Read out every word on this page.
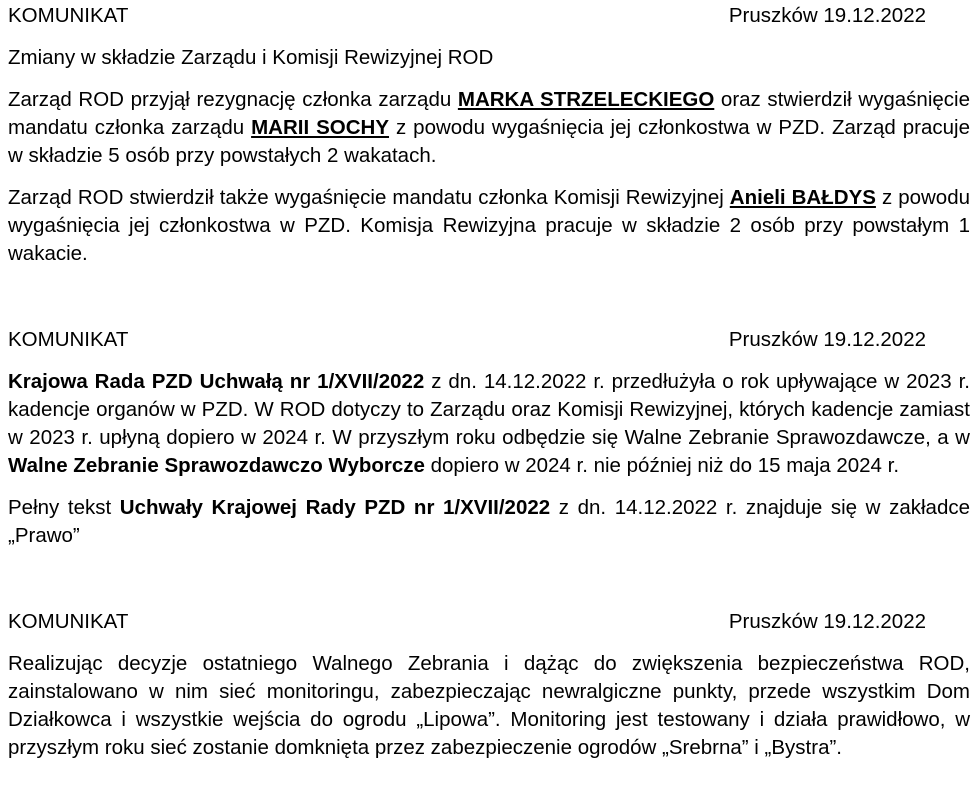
KOMUNIKAT	Pruszków 19.12.2022
Zmiany w składzie Zarządu i Komisji Rewizyjnej ROD

Zarząd ROD przyjął rezygnację członka zarządu MARKA STRZELECKIEGO oraz stwierdził wygaśnięcie mandatu członka zarządu MARII SOCHY z powodu wygaśnięcia jej członkostwa w PZD. Zarząd pracuje w składzie 5 osób przy powstałych 2 wakatach.

Zarząd ROD stwierdził także wygaśnięcie mandatu członka Komisji Rewizyjnej Anieli BAŁDYS z powodu wygaśnięcia jej członkostwa w PZD. Komisja Rewizyjna pracuje w składzie 2 osób przy powstałym 1 wakacie.

KOMUNIKAT	Pruszków 19.12.2022

Krajowa Rada PZD Uchwałą nr 1/XVII/2022 z dn. 14.12.2022 r. przedłużyła o rok upływające w 2023 r. kadencje organów w PZD. W ROD dotyczy to Zarządu oraz Komisji Rewizyjnej, których kadencje zamiast w 2023 r. upłyną dopiero w 2024 r. W przyszłym roku odbędzie się Walne Zebranie Sprawozdawcze, a w Walne Zebranie Sprawozdawczo Wyborcze dopiero w 2024 r. nie później niż do 15 maja 2024 r.

Pełny tekst Uchwały Krajowej Rady PZD nr 1/XVII/2022 z dn. 14.12.2022 r. znajduje się w zakładce „Prawo”

KOMUNIKAT	Pruszków 19.12.2022

Realizując decyzje ostatniego Walnego Zebrania i dążąc do zwiększenia bezpieczeństwa ROD, zainstalowano w nim sieć monitoringu, zabezpieczając newralgiczne punkty, przede wszystkim Dom Działkowca i wszystkie wejścia do ogrodu „Lipowa”. Monitoring jest testowany i działa prawidłowo, w przyszłym roku sieć zostanie domknięta przez zabezpieczenie ogrodów „Srebrna” i „Bystra”.
